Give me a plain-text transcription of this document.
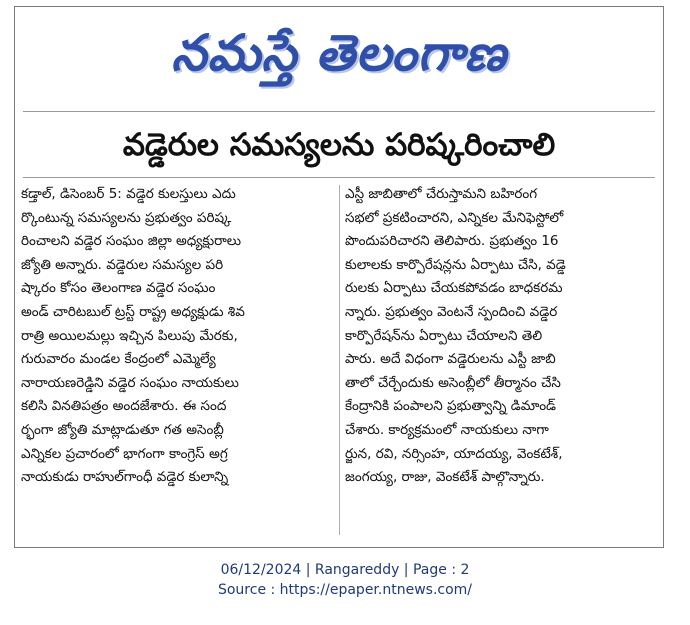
నమస్తే తెలంగాణ
వడ్డెరుల సమస్యలను పరిష్కరించాలి
కడ్తాల్, డిసెంబర్ 5: వడ్డెర కులస్తులు ఎదు
ర్కొంటున్న సమస్యలను ప్రభుత్వం పరిష్క
రించాలని వడ్డెర సంఘం జిల్లా అధ్యక్షురాలు
జ్యోతి అన్నారు. వడ్డెరుల సమస్యల పరి
ష్కారం కోసం తెలంగాణ వడ్డెర సంఘం
అండ్ చారిటబుల్ ట్రస్ట్ రాష్ట్ర అధ్యక్షుడు శివ
రాత్రి అయిలమల్లు ఇచ్చిన పిలుపు మేరకు,
గురువారం మండల కేంద్రంలో ఎమ్మెల్యే
నారాయణరెడ్డిని వడ్డెర సంఘం నాయకులు
కలిసి వినతిపత్రం అందజేశారు. ఈ సంద
ర్భంగా జ్యోతి మాట్లాడుతూ గత అసెంబ్లీ
ఎన్నికల ప్రచారంలో భాగంగా కాంగ్రెస్ అగ్ర
నాయకుడు రాహుల్‌గాంధీ వడ్డెర కులాన్ని
ఎస్టీ జాబితాలో చేరుస్తామని బహిరంగ
సభలో ప్రకటించారని, ఎన్నికల మేనిఫెస్టోలో
పొందుపరిచారని తెలిపారు. ప్రభుత్వం 16
కులాలకు కార్పొరేషన్లను ఏర్పాటు చేసి, వడ్డె
రులకు ఏర్పాటు చేయకపోవడం బాధకరమ
న్నారు. ప్రభుత్వం వెంటనే స్పందించి వడ్డెర
కార్పొరేషన్‌ను ఏర్పాటు చేయాలని తెలి
పారు. అదే విధంగా వడ్డెరులను ఎస్టీ జాబి
తాలో చేర్చేందుకు అసెంబ్లీలో తీర్మానం చేసి
కేంద్రానికి పంపాలని ప్రభుత్వాన్ని డిమాండ్
చేశారు. కార్యక్రమంలో నాయకులు నాగా
ర్జున, రవి, నర్సింహ, యాదయ్య, వెంకటేశ్,
జంగయ్య, రాజు, వెంకటేశ్ పాల్గొన్నారు.
06/12/2024 | Rangareddy | Page : 2
Source : https://epaper.ntnews.com/
